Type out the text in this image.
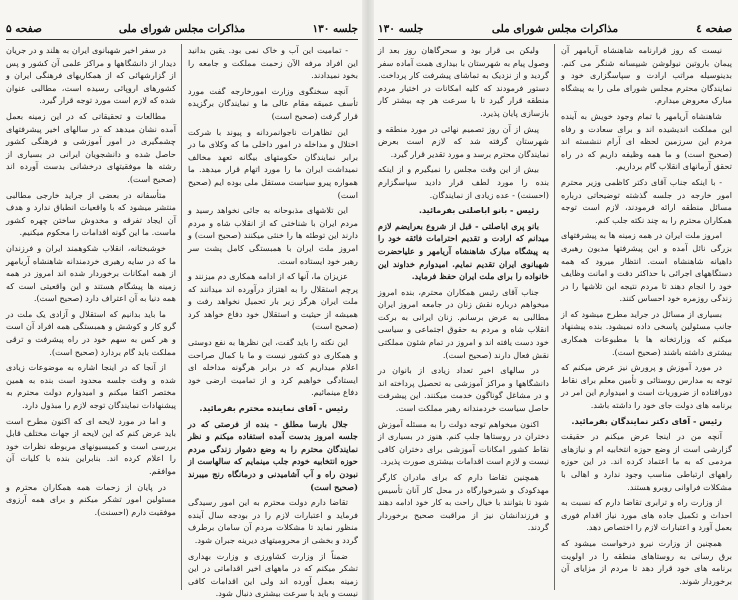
جلسه ۱۳۰
مذاکرات مجلس شورای ملی
صفحه ۵

- تمامیت این آب و خاک نمی بود. یقین بدانید این افراد مرفه الآن زحمت مملکت و جامعه را بخود نمیدادند.

آنچه سخنگوی وزارت امورخارجه گفت مورد تأسف عمیقه مقام عالی ما و نمایندگان برگزیده قرار گرفت (صحیح است)

این تظاهرات ناجوانمردانه و پیوند با شرکت اختلال و مداخله در امور داخلی ما که وکلای ما در برابر نمایندگان حکومتهای بیگانه تعهد مخالف نمیداشت ایران ما را مورد اتهام قرار میدهد. ما همواره پیرو سیاست مستقل ملی بوده ایم (صحیح است)

این تلاشهای مذبوحانه به جائی نخواهد رسید و مردم ایران با شناختی که از انقلاب شاه و مردم دارند این توطئه ها را خنثی میکنند (صحیح است) و امروز ملت ایران با همبستگی کامل پشت سر رهبر خود ایستاده است.

عزیزان ما، آنها که از ادامه همکاری دم میزنند و پرچم استقلال را به اهتزاز درآورده اند میدانند که ملت ایران هرگز زیر بار تحمیل نخواهد رفت و همیشه از حیثیت و استقلال خود دفاع خواهد کرد (صحیح است)

این نکته را باید گفت، این نظرها به نفع دوستی و همکاری دو کشور نیست و ما با کمال صراحت اعلام میداریم که در برابر هرگونه مداخله ای ایستادگی خواهیم کرد و از تمامیت ارضی خود دفاع مینمائیم.

رئیس - آقای نماینده محترم بفرمائید.

جلال بارسا مطلق - بنده از فرصتی که در جلسه امروز بدست آمده استفاده میکنم و نظر نمایندگان محترم را به وضع دشوار زندگی مردم حوزه انتخابیه خودم جلب مینمایم که سالهاست از نبودن راه و آب آشامیدنی و درمانگاه رنج میبرند (صحیح است)

تقاضا دارم دولت محترم به این امور رسیدگی فرماید و اعتبارات لازم را در بودجه سال آینده منظور نماید تا مشکلات مردم آن سامان برطرف گردد و بخشی از محرومیتهای دیرینه جبران شود.

ضمناً از وزارت کشاورزی و وزارت بهداری تشکر میکنم که در ماههای اخیر اقداماتی در این زمینه بعمل آورده اند ولی این اقدامات کافی نیست و باید با سرعت بیشتری دنبال شود.

در سفر اخیر شهبانوی ایران به هلند و در جریان دیدار از دانشگاهها و مراکز علمی آن کشور و پس از گزارشهائی که از همکاریهای فرهنگی ایران و کشورهای اروپائی رسیده است، مطالبی عنوان شده که لازم است مورد توجه قرار گیرد.

مطالعات و تحقیقاتی که در این زمینه بعمل آمده نشان میدهد که در سالهای اخیر پیشرفتهای چشمگیری در امور آموزشی و فرهنگی کشور حاصل شده و دانشجویان ایرانی در بسیاری از رشته ها موفقیتهای درخشانی بدست آورده اند (صحیح است).

متأسفانه در بعضی از جراید خارجی مطالبی منتشر میشود که با واقعیات انطباق ندارد و هدف آن ایجاد تفرقه و مخدوش ساختن چهره کشور ماست. ما این گونه اقدامات را محکوم میکنیم.

خوشبختانه، انقلاب شکوهمند ایران و فرزندان ما که در سایه رهبری خردمندانه شاهنشاه آریامهر از همه امکانات برخوردار شده اند امروز در همه زمینه ها پیشگام هستند و این واقعیتی است که همه دنیا به آن اعتراف دارد (صحیح است).

ما باید بدانیم که استقلال و آزادی یک ملت در گرو کار و کوشش و همبستگی همه افراد آن است و هر کس به سهم خود در راه پیشرفت و ترقی مملکت باید گام بردارد (صحیح است).

از آنجا که در اینجا اشاره به موضوعات زیادی شده و وقت جلسه محدود است بنده به همین مختصر اکتفا میکنم و امیدوارم دولت محترم به پیشنهادات نمایندگان توجه لازم را مبذول دارد.

و اما در مورد لایحه ای که اکنون مطرح است باید عرض کنم که این لایحه از جهات مختلف قابل بررسی است و کمیسیونهای مربوطه نظرات خود را اعلام کرده اند. بنابراین بنده با کلیات آن موافقم.

در پایان از زحمات همه همکاران محترم و مسئولین امور تشکر میکنم و برای همه آرزوی موفقیت دارم (احسنت).

صفحه ٤
مذاکرات مجلس شورای ملی
جلسه ۱۳۰

نیست که روز قرارنامه شاهنشاه آریامهر آن پیمان باروتین نیولوشن شیپسانه شنگر می کنم. بدینوسیله مراتب ارادت و سپاسگزاری خود و نمایندگان محترم مجلس شورای ملی را به پیشگاه مبارک معروض میدارم.

شاهنشاه آریامهر با تمام وجود خویش به آینده این مملکت اندیشیده اند و برای سعادت و رفاه مردم این سرزمین لحظه ای آرام ننشسته اند (صحیح است) و ما همه وظیفه داریم که در راه تحقق آرمانهای انقلاب گام برداریم.

- با اینکه جناب آقای دکتر کاظمی وزیر محترم امور خارجه در جلسه گذشته توضیحاتی درباره مسائل منطقه ارائه فرمودند، لازم است توجه همکاران محترم را به چند نکته جلب کنم.

امروز ملت ایران در همه زمینه ها به پیشرفتهای بزرگی نائل آمده و این پیشرفتها مدیون رهبری داهیانه شاهنشاه است. انتظار میرود که همه دستگاههای اجرائی با حداکثر دقت و امانت وظایف خود را انجام دهند تا مردم نتیجه این تلاشها را در زندگی روزمره خود احساس کنند.

بسیاری از مسائل در جراید مطرح میشود که از جانب مسئولین پاسخی داده نمیشود. بنده پیشنهاد میکنم که وزارتخانه ها با مطبوعات همکاری بیشتری داشته باشند (صحیح است).

در مورد آموزش و پرورش نیز عرض میکنم که توجه به مدارس روستائی و تأمین معلم برای نقاط دورافتاده از ضروریات است و امیدوارم این امر در برنامه های دولت جای خود را داشته باشد.

رئیس - آقای دکتر نمایندگان بفرمائید.

آنچه من در اینجا عرض میکنم در حقیقت گزارشی است از وضع حوزه انتخابیه ام و نیازهای مردمی که به ما اعتماد کرده اند. در این حوزه راههای ارتباطی مناسب وجود ندارد و اهالی با مشکلات فراوانی روبرو هستند.

از وزارت راه و ترابری تقاضا دارم که نسبت به احداث و تکمیل جاده های مورد نیاز اقدام فوری بعمل آورد و اعتبارات لازم را اختصاص دهد.

همچنین از وزارت نیرو درخواست میشود که برق رسانی به روستاهای منطقه را در اولویت برنامه های خود قرار دهد تا مردم از مزایای آن برخوردار شوند.

ولیکن بی قرار بود و سحرگاهان روز بعد از وصول پیام به شهرستان با بیداری همت آماده سفر گردید و از نزدیک به تماشای پیشرفت کار پرداخت. دستور فرمودند که کلیه امکانات در اختیار مردم منطقه قرار گیرد تا با سرعت هر چه بیشتر کار بازسازی پایان پذیرد.

پیش از آن روز تصمیم نهائی در مورد منطقه و شهرستان گرفته شد که لازم است بعرض نمایندگان محترم برسد و مورد تقدیر قرار گیرد.

بیش از این وقت مجلس را نمیگیرم و از اینکه بنده را مورد لطف قرار دادید سپاسگزارم (احسنت) - عده زیادی از نمایندگان.

رئیس - بانو اباصلتی بفرمائید.

بانو پری اباصلتی - قبل از شروع بعرایضم لازم میدانم که ارادت و تقدیم احترامات فائقه خود را به پیشگاه مبارک شاهنشاه آریامهر و علیاحضرت شهبانوی ایران تقدیم نمایم. امیدوارم خداوند این خانواده را برای ملت ایران حفظ فرماید.

جناب آقای رئیس همکاران محترم، بنده امروز میخواهم درباره نقش زنان در جامعه امروز ایران مطالبی به عرض برسانم. زنان ایرانی به برکت انقلاب شاه و مردم به حقوق اجتماعی و سیاسی خود دست یافته اند و امروز در تمام شئون مملکتی نقش فعال دارند (صحیح است).

در سالهای اخیر تعداد زیادی از بانوان در دانشگاهها و مراکز آموزشی به تحصیل پرداخته اند و در مشاغل گوناگون خدمت میکنند. این پیشرفت حاصل سیاست خردمندانه رهبر مملکت است.

اکنون میخواهم توجه دولت را به مسئله آموزش دختران در روستاها جلب کنم. هنوز در بسیاری از نقاط کشور امکانات آموزشی برای دختران کافی نیست و لازم است اقدامات بیشتری صورت پذیرد.

همچنین تقاضا دارم که برای مادران کارگر مهدکودک و شیرخوارگاه در محل کار آنان تأسیس شود تا بتوانند با خیال راحت به کار خود ادامه دهند و فرزندانشان نیز از مراقبت صحیح برخوردار گردند.
